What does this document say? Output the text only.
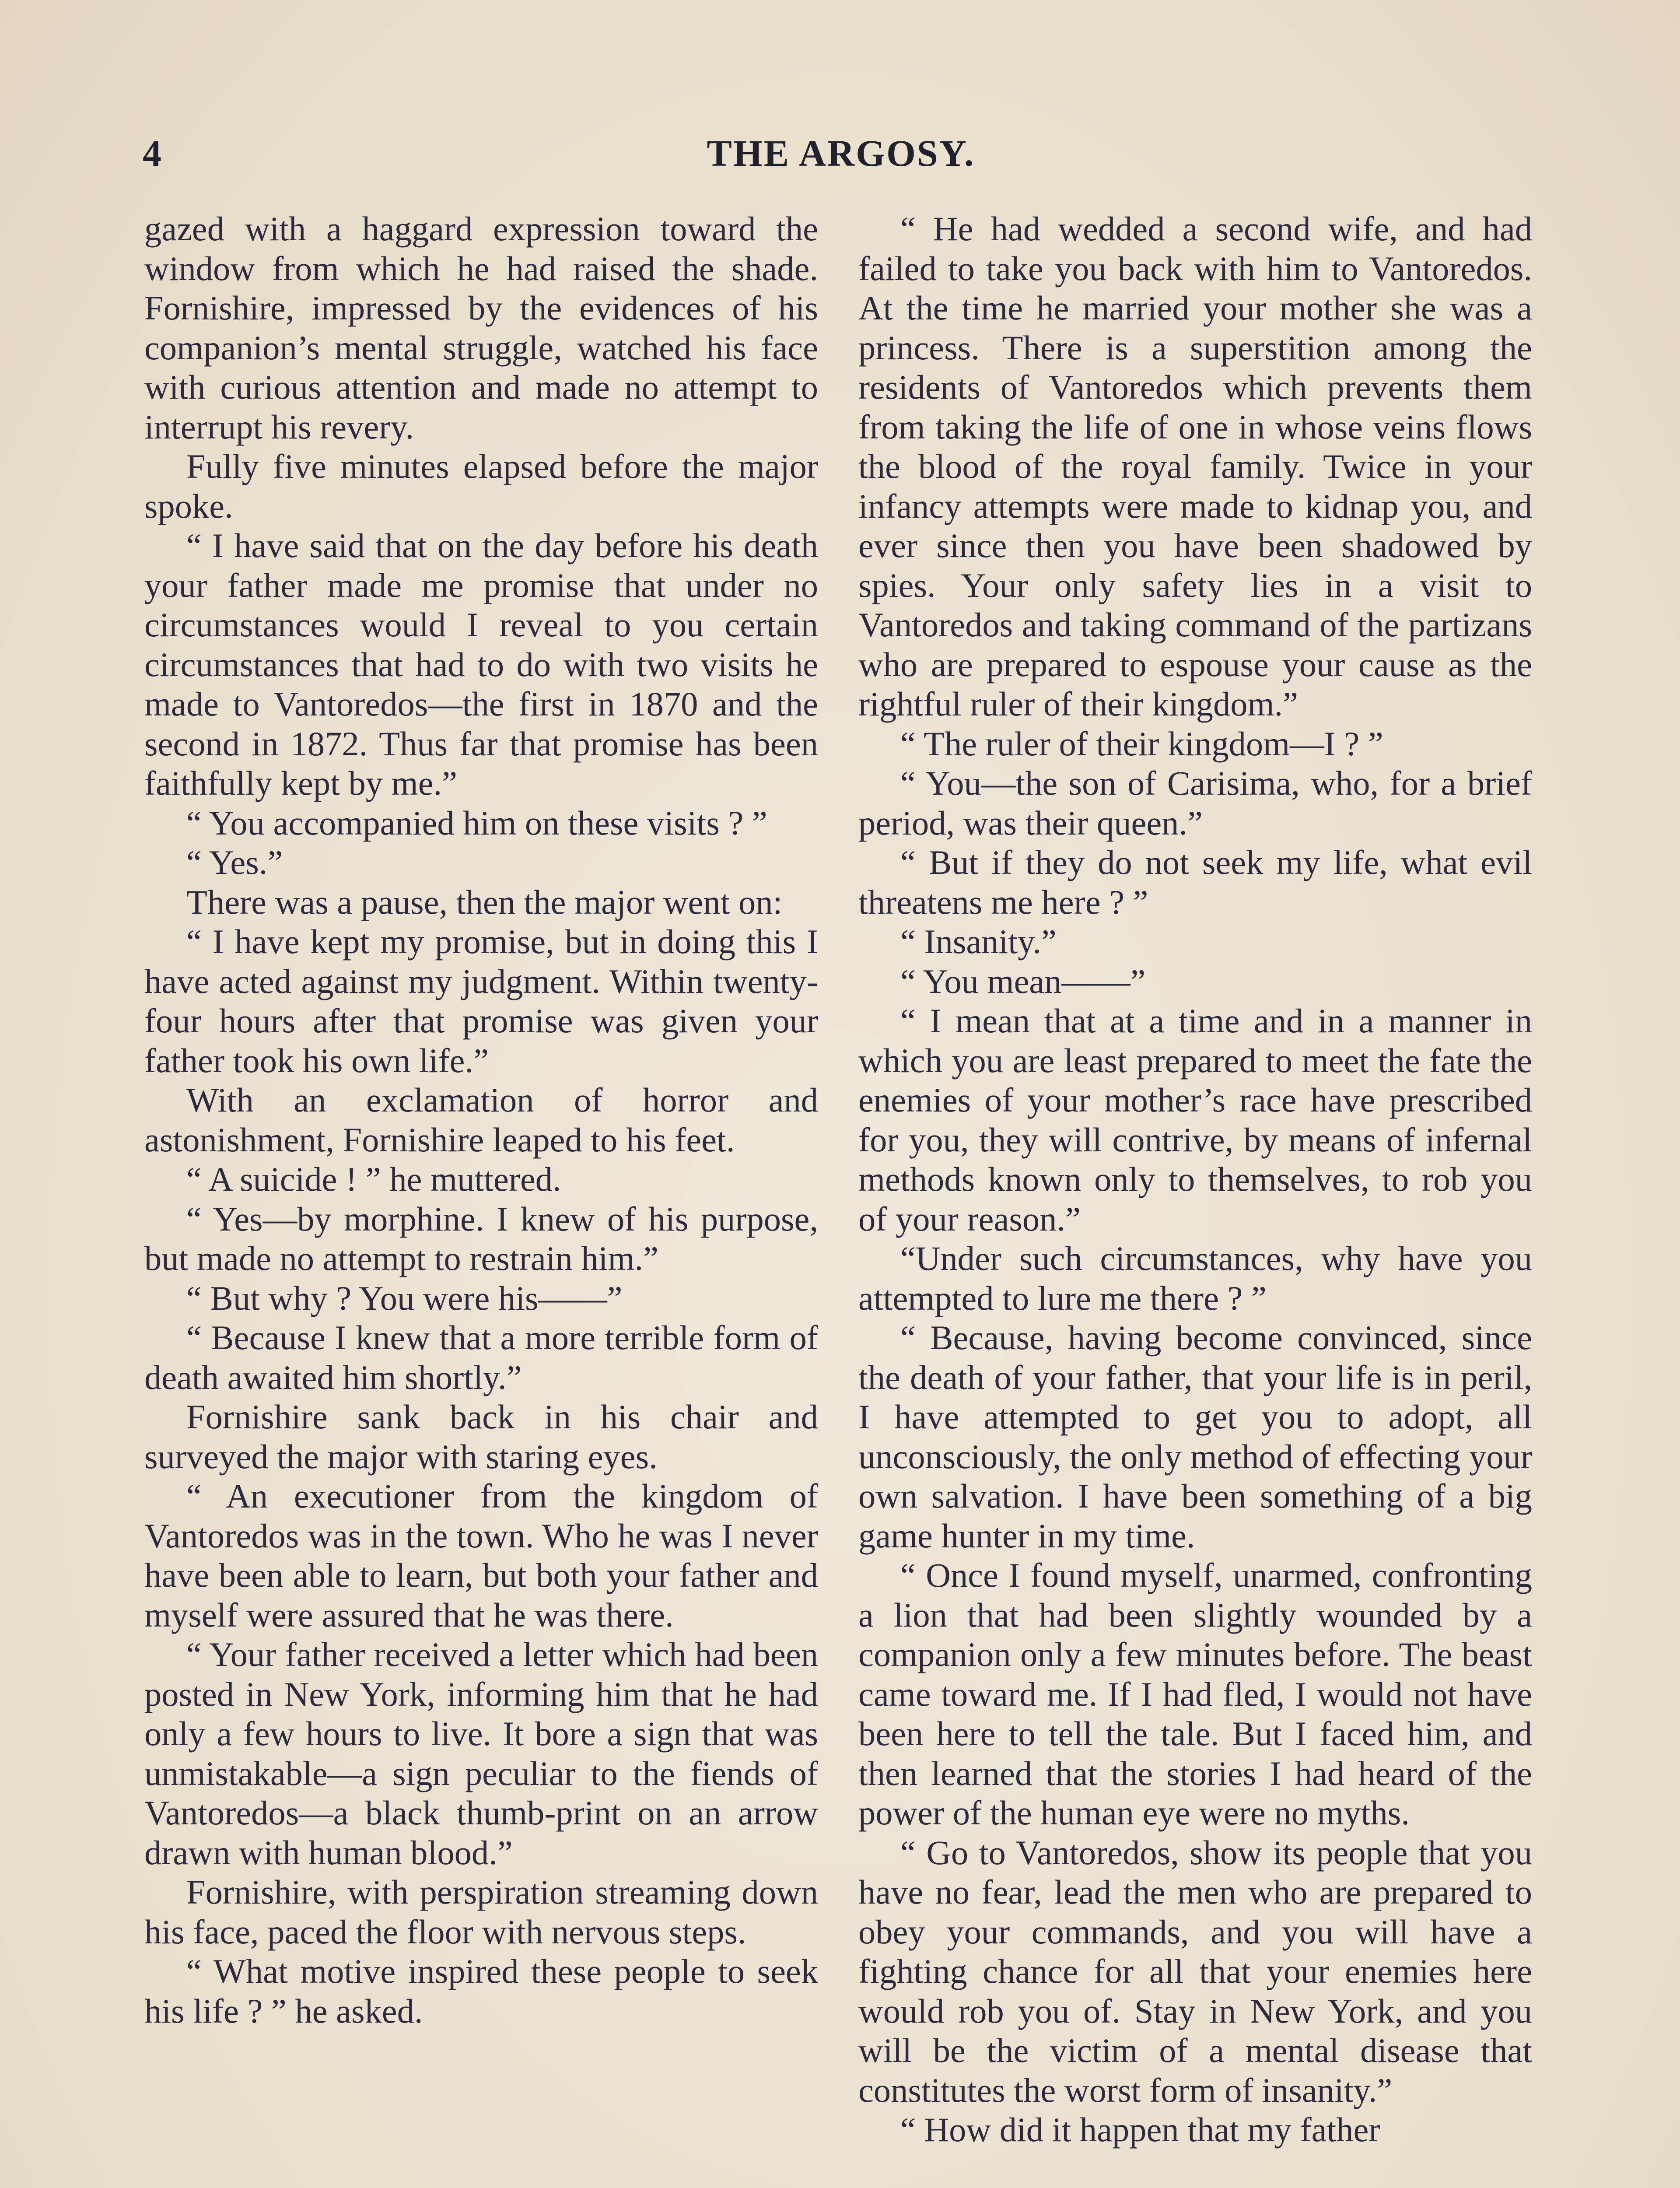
4	THE ARGOSY.

gazed with a haggard expression toward the window from which he had raised the shade. Fornishire, impressed by the evidences of his companion’s mental struggle, watched his face with curious attention and made no attempt to interrupt his revery.

Fully five minutes elapsed before the major spoke.

“ I have said that on the day before his death your father made me promise that under no circumstances would I reveal to you certain circumstances that had to do with two visits he made to Vantoredos—the first in 1870 and the second in 1872. Thus far that promise has been faithfully kept by me.”

“ You accompanied him on these visits ? ”

“ Yes.”

There was a pause, then the major went on:

“ I have kept my promise, but in doing this I have acted against my judgment. Within twenty-four hours after that promise was given your father took his own life.”

With an exclamation of horror and astonishment, Fornishire leaped to his feet.

“ A suicide ! ” he muttered.

“ Yes—by morphine. I knew of his purpose, but made no attempt to restrain him.”

“ But why ? You were his——”

“ Because I knew that a more terrible form of death awaited him shortly.”

Fornishire sank back in his chair and surveyed the major with staring eyes.

“ An executioner from the kingdom of Vantoredos was in the town. Who he was I never have been able to learn, but both your father and myself were assured that he was there.

“ Your father received a letter which had been posted in New York, informing him that he had only a few hours to live. It bore a sign that was unmistakable—a sign peculiar to the fiends of Vantoredos—a black thumb-print on an arrow drawn with human blood.”

Fornishire, with perspiration streaming down his face, paced the floor with nervous steps.

“ What motive inspired these people to seek his life ? ” he asked.

“ He had wedded a second wife, and had failed to take you back with him to Vantoredos. At the time he married your mother she was a princess. There is a superstition among the residents of Vantoredos which prevents them from taking the life of one in whose veins flows the blood of the royal family. Twice in your infancy attempts were made to kidnap you, and ever since then you have been shadowed by spies. Your only safety lies in a visit to Vantoredos and taking command of the partizans who are prepared to espouse your cause as the rightful ruler of their kingdom.”

“ The ruler of their kingdom—I ? ”

“ You—the son of Carisima, who, for a brief period, was their queen.”

“ But if they do not seek my life, what evil threatens me here ? ”

“ Insanity.”

“ You mean——”

“ I mean that at a time and in a manner in which you are least prepared to meet the fate the enemies of your mother’s race have prescribed for you, they will contrive, by means of infernal methods known only to themselves, to rob you of your reason.”

“Under such circumstances, why have you attempted to lure me there ? ”

“ Because, having become convinced, since the death of your father, that your life is in peril, I have attempted to get you to adopt, all unconsciously, the only method of effecting your own salvation. I have been something of a big game hunter in my time.

“ Once I found myself, unarmed, confronting a lion that had been slightly wounded by a companion only a few minutes before. The beast came toward me. If I had fled, I would not have been here to tell the tale. But I faced him, and then learned that the stories I had heard of the power of the human eye were no myths.

“ Go to Vantoredos, show its people that you have no fear, lead the men who are prepared to obey your commands, and you will have a fighting chance for all that your enemies here would rob you of. Stay in New York, and you will be the victim of a mental disease that constitutes the worst form of insanity.”

“ How did it happen that my father
